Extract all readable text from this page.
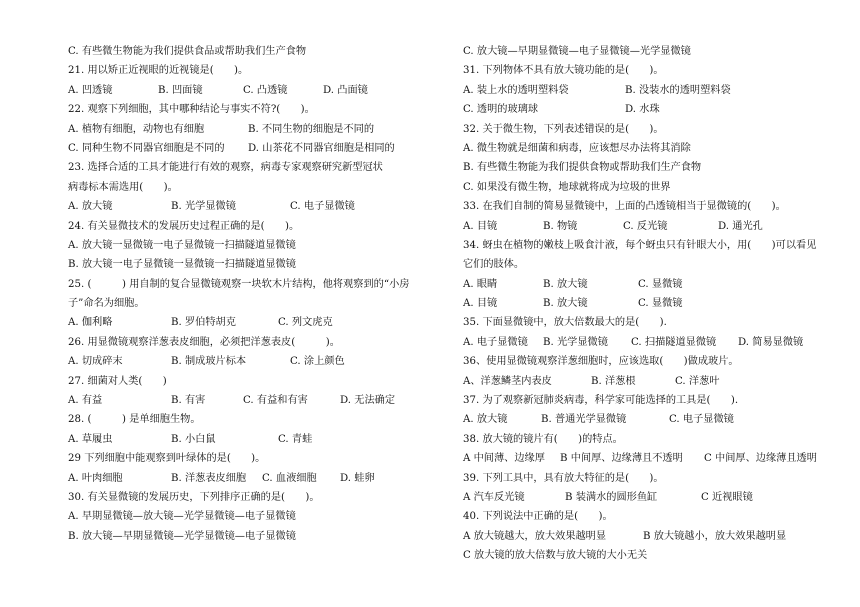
C. 有些微生物能为我们提供食品或帮助我们生产食物
21. 用以矫正近视眼的近视镜是(　　)。
A. 凹透镜	B. 凹面镜	C. 凸透镜	D. 凸面镜
22. 观察下列细胞，其中哪种结论与事实不符?(　　)。
A. 植物有细胞，动物也有细胞	B. 不同生物的细胞是不同的
C. 同种生物不同器官细胞是不同的 D. 山茶花不同器官细胞是相同的
23. 选择合适的工具才能进行有效的观察，病毒专家观察研究新型冠状
病毒标本需选用(　　)。
A. 放大镜	B. 光学显微镜	C. 电子显微镜
24. 有关显微技术的发展历史过程正确的是(　　)。
A. 放大镜一显微镜一电子显微镜一扫描隧道显微镜
B. 放大镜一电子显微镜一显微镜一扫描隧道显微镜
25. (　　　) 用自制的复合显微镜观察一块软木片结构，他将观察到的“小房
子”命名为细胞。
A. 伽利略	B. 罗伯特胡克	C. 列文虎克
26. 用显微镜观察洋葱表皮细胞，必须把洋葱表皮(　　　)。
A. 切成碎末	B. 制成玻片标本	C. 涂上颜色
27. 细菌对人类(　　)
A. 有益	B. 有害	C. 有益和有害	D. 无法确定
28. (　　　) 是单细胞生物。
A. 草履虫	B. 小白鼠	C. 青蛙
29 下列细胞中能观察到叶绿体的是(　　)。
A. 叶肉细胞	B. 洋葱表皮细胞 C. 血液细胞 D. 蛙卵
30. 有关显微镜的发展历史，下列排序正确的是(　　)。
A. 早期显微镜—放大镜—光学显微镜—电子显微镜
B. 放大镜—早期显微镜—光学显微镜—电子显微镜
C. 放大镜—早期显微镜—电子显微镜—光学显微镜
31. 下列物体不具有放大镜功能的是(　　)。
A. 装上水的透明塑料袋	B. 没装水的透明塑料袋
C. 透明的玻璃球	D. 水珠
32. 关于微生物，下列表述错误的是(　　)。
A. 微生物就是细菌和病毒，应该想尽办法将其消除
B. 有些微生物能为我们提供食物或帮助我们生产食物
C. 如果没有微生物，地球就将成为垃圾的世界
33. 在我们自制的简易显微镜中，上面的凸透镜相当于显微镜的(　　)。
A. 目镜	B. 物镜	C. 反光镜	D. 通光孔
34. 蚜虫在植物的嫩枝上吸食汁液，每个蚜虫只有针眼大小，用(　　)可以看见
它们的肢体。
A. 眼睛	B. 放大镜	C. 显微镜
A. 目镜	B. 放大镜	C. 显微镜
35. 下面显微镜中，放大倍数最大的是(　　).
A. 电子显微镜 B. 光学显微镜 C. 扫描隧道显微镜 D. 简易显微镜
36、使用显微镜观察洋葱细胞时，应该选取(　　)做成玻片。
A、洋葱鳞茎内表皮	B. 洋葱根	C. 洋葱叶
37. 为了观察新冠肺炎病毒，科学家可能选择的工具是(　　).
A. 放大镜	B. 普通光学显微镜	C. 电子显微镜
38. 放大镜的镜片有(　　)的特点。
A 中间薄、边缘厚 B 中间厚、边缘薄且不透明 C 中间厚、边缘薄且透明
39. 下列工具中，具有放大特征的是(　　)。
A 汽车反光镜	B 装满水的圆形鱼缸	C 近视眼镜
40. 下列说法中正确的是(　　)。
A 放大镜越大，放大效果越明显	B 放大镜越小，放大效果越明显
C 放大镜的放大倍数与放大镜的大小无关
